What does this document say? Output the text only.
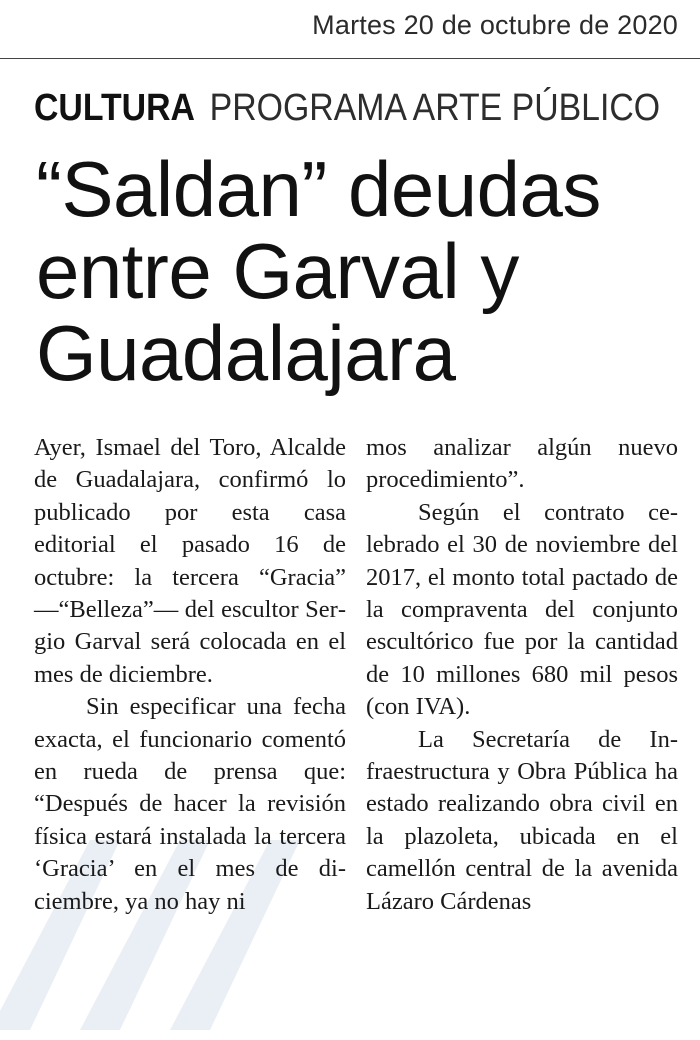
Martes 20 de octubre de 2020
CULTURA PROGRAMA ARTE PÚBLICO
“Saldan” deudas
entre Garval y
Guadalajara

Ayer, Ismael del Toro, Alcalde de Guadalajara, confirmó lo publicado por esta casa editorial el pasado 16 de octubre: la tercera “Gracia” —“Belleza”— del escultor Sergio Garval será colocada en el mes de diciembre.

Sin especificar una fecha exacta, el funcionario comentó en rueda de prensa que: “Después de hacer la revisión física estará instalada la tercera ‘Gracia’ en el mes de diciembre, ya no hay ni

mos analizar algún nuevo procedimiento”.

Según el contrato celebrado el 30 de noviembre del 2017, el monto total pactado de la compraventa del conjunto escultórico fue por la cantidad de 10 millones 680 mil pesos (con IVA).

La Secretaría de Infraestructura y Obra Pública ha estado realizando obra civil en la plazoleta, ubicada en el camellón central de la avenida Lázaro Cárdenas
